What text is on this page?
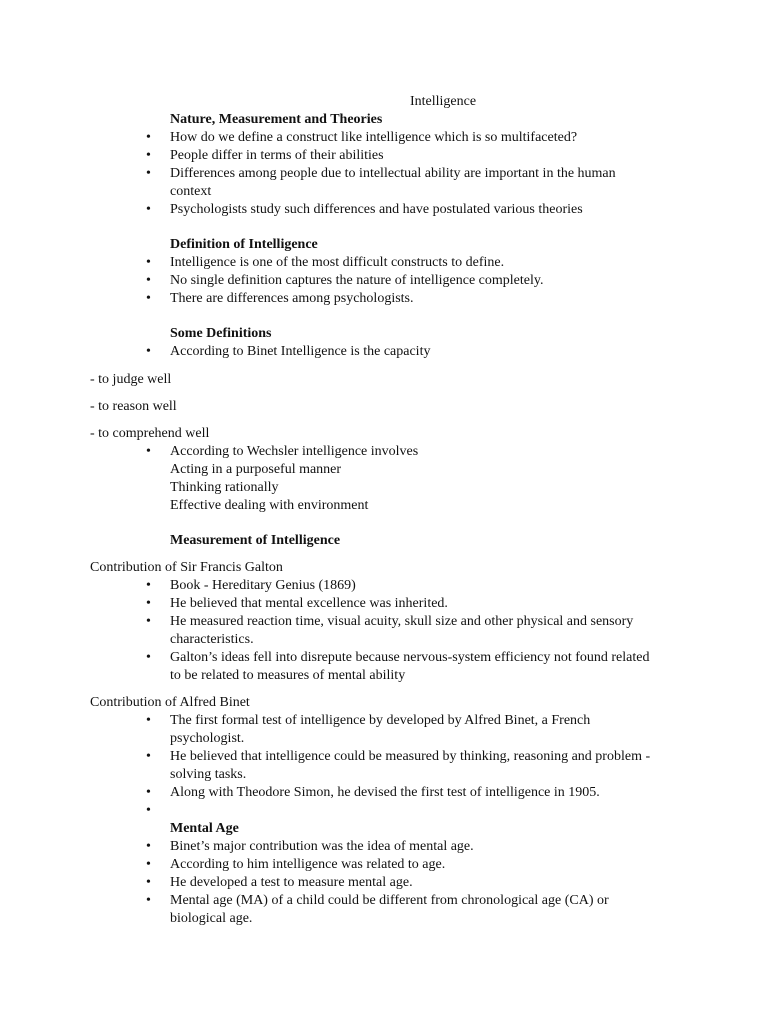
Intelligence
Nature, Measurement and Theories
• How do we define a construct like intelligence which is so multifaceted?
• People differ in terms of their abilities
• Differences among people due to intellectual ability are important in the human context
• Psychologists study such differences and have postulated various theories
Definition of Intelligence
• Intelligence is one of the most difficult constructs to define.
• No single definition captures the nature of intelligence completely.
• There are differences among psychologists.
Some Definitions
• According to Binet Intelligence is the capacity
- to judge well
- to reason well
- to comprehend well
• According to Wechsler intelligence involves
Acting in a purposeful manner
Thinking rationally
Effective dealing with environment
Measurement of Intelligence
Contribution of Sir Francis Galton
• Book - Hereditary Genius (1869)
• He believed that mental excellence was inherited.
• He measured reaction time, visual acuity, skull size and other physical and sensory characteristics.
• Galton’s ideas fell into disrepute because nervous-system efficiency not found related to be related to measures of mental ability
Contribution of Alfred Binet
• The first formal test of intelligence by developed by Alfred Binet, a French psychologist.
• He believed that intelligence could be measured by thinking, reasoning and problem - solving tasks.
• Along with Theodore Simon, he devised the first test of intelligence in 1905.
•
Mental Age
• Binet’s major contribution was the idea of mental age.
• According to him intelligence was related to age.
• He developed a test to measure mental age.
• Mental age (MA) of a child could be different from chronological age (CA) or biological age.
